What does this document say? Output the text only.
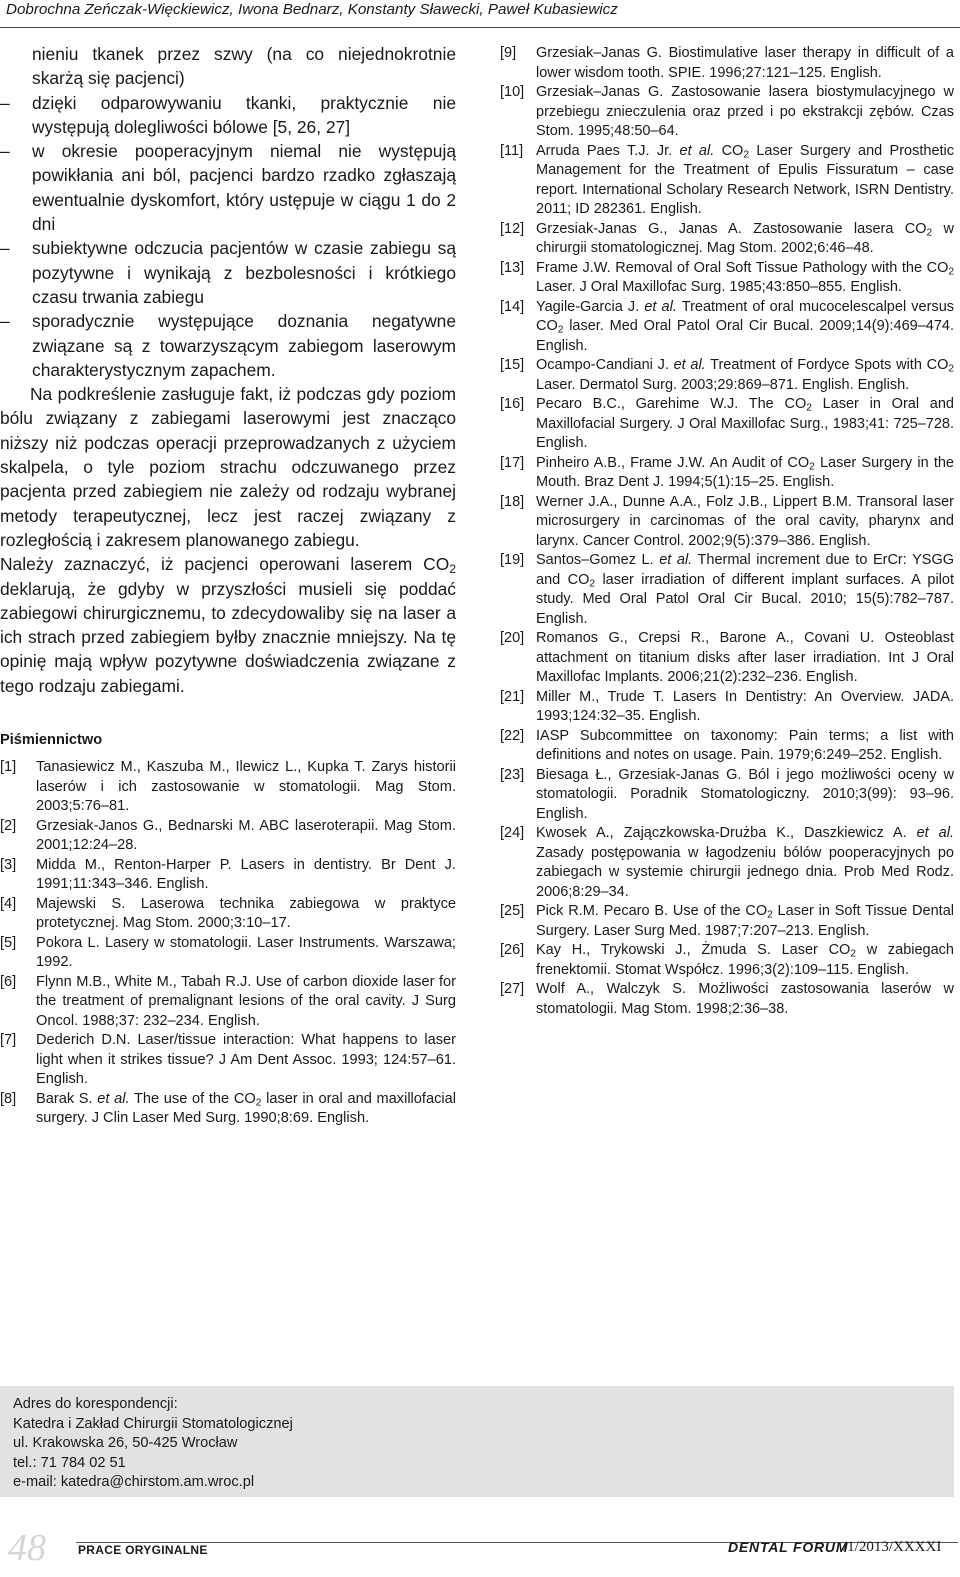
Dobrochna Zeńczak-Więckiewicz, Iwona Bednarz, Konstanty Sławecki, Paweł Kubasiewicz

nieniu tkanek przez szwy (na co niejednokrotnie skarżą się pacjenci)

– dzięki odparowywaniu tkanki, praktycznie nie występują dolegliwości bólowe [5, 26, 27]

– w okresie pooperacyjnym niemal nie występują powikłania ani ból, pacjenci bardzo rzadko zgłaszają ewentualnie dyskomfort, który ustępuje w ciągu 1 do 2 dni

– subiektywne odczucia pacjentów w czasie zabiegu są pozytywne i wynikają z bezbolesności i krótkiego czasu trwania zabiegu

– sporadycznie występujące doznania negatywne związane są z towarzyszącym zabiegom laserowym charakterystycznym zapachem.

Na podkreślenie zasługuje fakt, iż podczas gdy poziom bólu związany z zabiegami laserowymi jest znacząco niższy niż podczas operacji przeprowadzanych z użyciem skalpela, o tyle poziom strachu odczuwanego przez pacjenta przed zabiegiem nie zależy od rodzaju wybranej metody terapeutycznej, lecz jest raczej związany z rozległością i zakresem planowanego zabiegu.

Należy zaznaczyć, iż pacjenci operowani laserem $CO_2$ deklarują, że gdyby w przyszłości musieli się poddać zabiegowi chirurgicznemu, to zdecydowaliby się na laser a ich strach przed zabiegiem byłby znacznie mniejszy. Na tę opinię mają wpływ pozytywne doświadczenia związane z tego rodzaju zabiegami.

Piśmiennictwo

[1] Tanasiewicz M., Kaszuba M., Ilewicz L., Kupka T. Zarys historii laserów i ich zastosowanie w stomatologii. Mag Stom. 2003;5:76–81.

[2] Grzesiak-Janos G., Bednarski M. ABC laseroterapii. Mag Stom. 2001;12:24–28.

[3] Midda M., Renton-Harper P. Lasers in dentistry. Br Dent J. 1991;11:343–346. English.

[4] Majewski S. Laserowa technika zabiegowa w praktyce protetycznej. Mag Stom. 2000;3:10–17.

[5] Pokora L. Lasery w stomatologii. Laser Instruments. Warszawa; 1992.

[6] Flynn M.B., White M., Tabah R.J. Use of carbon dioxide laser for the treatment of premalignant lesions of the oral cavity. J Surg Oncol. 1988;37: 232–234. English.

[7] Dederich D.N. Laser/tissue interaction: What happens to laser light when it strikes tissue? J Am Dent Assoc. 1993; 124:57–61. English.

[8] Barak S. et al. The use of the $CO_2$ laser in oral and maxillofacial surgery. J Clin Laser Med Surg. 1990;8:69. English.

[9] Grzesiak–Janas G. Biostimulative laser therapy in difficult of a lower wisdom tooth. SPIE. 1996;27:121–125. English.

[10] Grzesiak–Janas G. Zastosowanie lasera biostymulacyjnego w przebiegu znieczulenia oraz przed i po ekstrakcji zębów. Czas Stom. 1995;48:50–64.

[11] Arruda Paes T.J. Jr. et al. $CO_2$ Laser Surgery and Prosthetic Management for the Treatment of Epulis Fissuratum – case report. International Scholary Research Network, ISRN Dentistry. 2011; ID 282361. English.

[12] Grzesiak-Janas G., Janas A. Zastosowanie lasera $CO_2$ w chirurgii stomatologicznej. Mag Stom. 2002;6:46–48.

[13] Frame J.W. Removal of Oral Soft Tissue Pathology with the $CO_2$ Laser. J Oral Maxillofac Surg. 1985;43:850–855. English.

[14] Yagile-Garcia J. et al. Treatment of oral mucocelescalpel versus $CO_2$ laser. Med Oral Patol Oral Cir Bucal. 2009;14(9):469–474. English.

[15] Ocampo-Candiani J. et al. Treatment of Fordyce Spots with $CO_2$ Laser. Dermatol Surg. 2003;29:869–871. English. English.

[16] Pecaro B.C., Garehime W.J. The $CO_2$ Laser in Oral and Maxillofacial Surgery. J Oral Maxillofac Surg., 1983;41: 725–728. English.

[17] Pinheiro A.B., Frame J.W. An Audit of $CO_2$ Laser Surgery in the Mouth. Braz Dent J. 1994;5(1):15–25. English.

[18] Werner J.A., Dunne A.A., Folz J.B., Lippert B.M. Transoral laser microsurgery in carcinomas of the oral cavity, pharynx and larynx. Cancer Control. 2002;9(5):379–386. English.

[19] Santos–Gomez L. et al. Thermal increment due to ErCr: YSGG and $CO_2$ laser irradiation of different implant surfaces. A pilot study. Med Oral Patol Oral Cir Bucal. 2010; 15(5):782–787. English.

[20] Romanos G., Crepsi R., Barone A., Covani U. Osteoblast attachment on titanium disks after laser irradiation. Int J Oral Maxillofac Implants. 2006;21(2):232–236. English.

[21] Miller M., Trude T. Lasers In Dentistry: An Overview. JADA. 1993;124:32–35. English.

[22] IASP Subcommittee on taxonomy: Pain terms; a list with definitions and notes on usage. Pain. 1979;6:249–252. English.

[23] Biesaga Ł., Grzesiak-Janas G. Ból i jego możliwości oceny w stomatologii. Poradnik Stomatologiczny. 2010;3(99): 93–96. English.

[24] Kwosek A., Zajączkowska-Drużba K., Daszkiewicz A. et al. Zasady postępowania w łagodzeniu bólów pooperacyjnych po zabiegach w systemie chirurgii jednego dnia. Prob Med Rodz. 2006;8:29–34.

[25] Pick R.M. Pecaro B. Use of the $CO_2$ Laser in Soft Tissue Dental Surgery. Laser Surg Med. 1987;7:207–213. English.

[26] Kay H., Trykowski J., Żmuda S. Laser $CO_2$ w zabiegach frenektomii. Stomat Współcz. 1996;3(2):109–115. English.

[27] Wolf A., Walczyk S. Możliwości zastosowania laserów w stomatologii. Mag Stom. 1998;2:36–38.

Adres do korespondencji:
Katedra i Zakład Chirurgii Stomatologicznej
ul. Krakowska 26, 50-425 Wrocław
tel.: 71 784 02 51
e-mail: katedra@chirstom.am.wroc.pl
48	PRACE ORYGINALNE	DENTAL FORUM
/1/2013/XXXXI
